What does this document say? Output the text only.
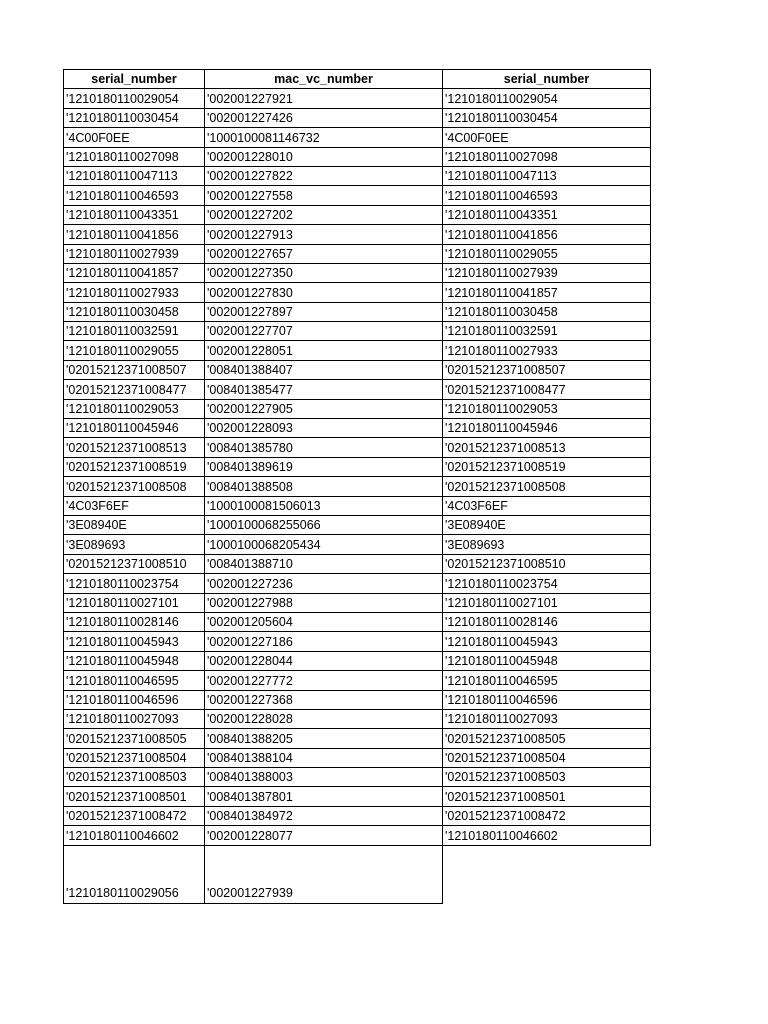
serial_number	mac_vc_number	serial_number
'1210180110029054	'002001227921	'1210180110029054
'1210180110030454	'002001227426	'1210180110030454
'4C00F0EE	'1000100081146732	'4C00F0EE
'1210180110027098	'002001228010	'1210180110027098
'1210180110047113	'002001227822	'1210180110047113
'1210180110046593	'002001227558	'1210180110046593
'1210180110043351	'002001227202	'1210180110043351
'1210180110041856	'002001227913	'1210180110041856
'1210180110027939	'002001227657	'1210180110029055
'1210180110041857	'002001227350	'1210180110027939
'1210180110027933	'002001227830	'1210180110041857
'1210180110030458	'002001227897	'1210180110030458
'1210180110032591	'002001227707	'1210180110032591
'1210180110029055	'002001228051	'1210180110027933
'02015212371008507	'008401388407	'02015212371008507
'02015212371008477	'008401385477	'02015212371008477
'1210180110029053	'002001227905	'1210180110029053
'1210180110045946	'002001228093	'1210180110045946
'02015212371008513	'008401385780	'02015212371008513
'02015212371008519	'008401389619	'02015212371008519
'02015212371008508	'008401388508	'02015212371008508
'4C03F6EF	'1000100081506013	'4C03F6EF
'3E08940E	'1000100068255066	'3E08940E
'3E089693	'1000100068205434	'3E089693
'02015212371008510	'008401388710	'02015212371008510
'1210180110023754	'002001227236	'1210180110023754
'1210180110027101	'002001227988	'1210180110027101
'1210180110028146	'002001205604	'1210180110028146
'1210180110045943	'002001227186	'1210180110045943
'1210180110045948	'002001228044	'1210180110045948
'1210180110046595	'002001227772	'1210180110046595
'1210180110046596	'002001227368	'1210180110046596
'1210180110027093	'002001228028	'1210180110027093
'02015212371008505	'008401388205	'02015212371008505
'02015212371008504	'008401388104	'02015212371008504
'02015212371008503	'008401388003	'02015212371008503
'02015212371008501	'008401387801	'02015212371008501
'02015212371008472	'008401384972	'02015212371008472
'1210180110046602	'002001228077	'1210180110046602
'1210180110029056	'002001227939	
